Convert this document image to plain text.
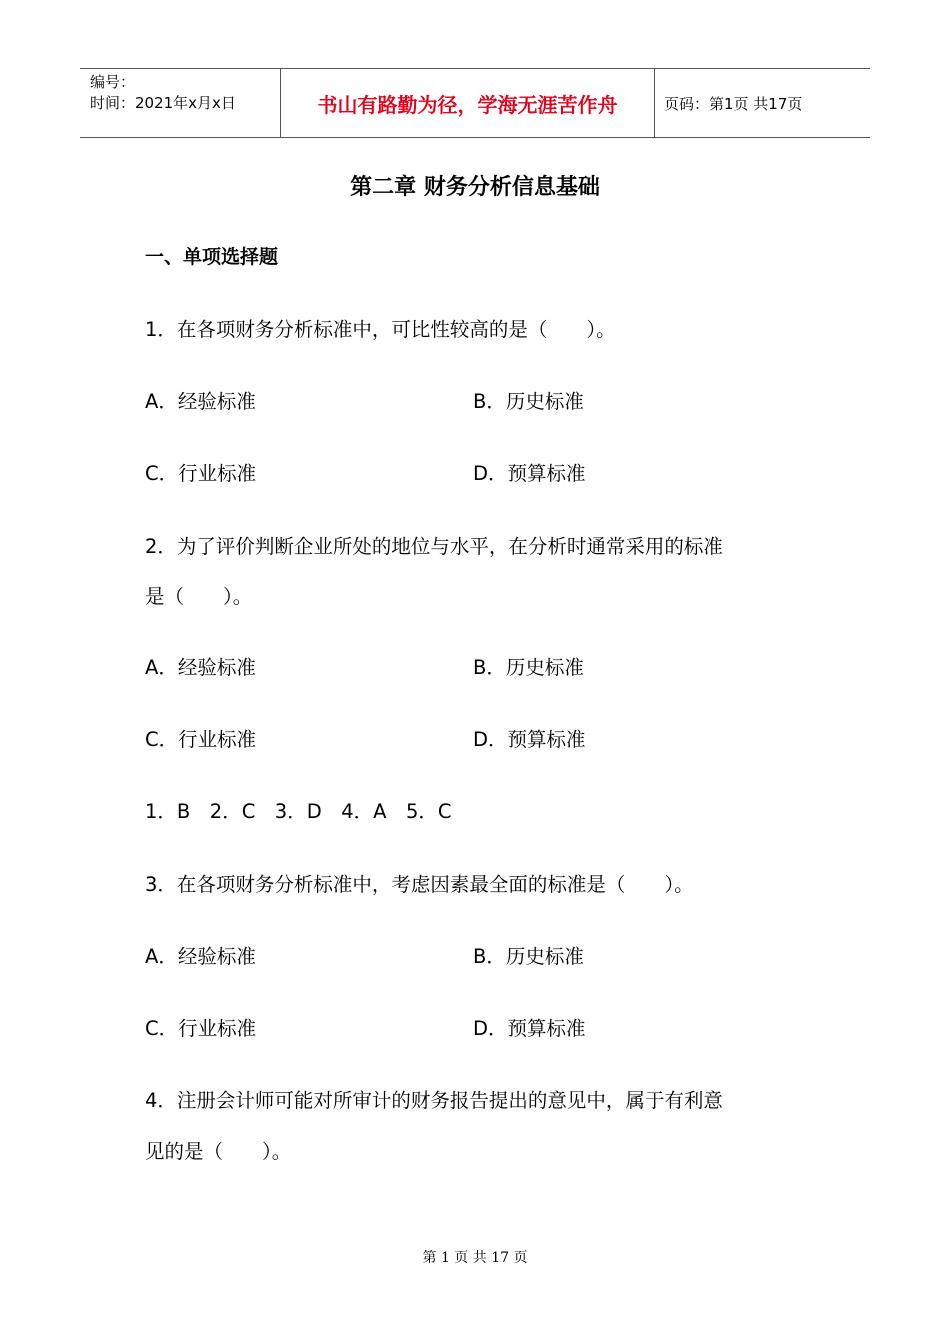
编号：
时间：2021年x月x日	书山有路勤为径，学海无涯苦作舟	页码：第1页 共17页
第二章 财务分析信息基础
一、单项选择题
1．在各项财务分析标准中，可比性较高的是（　　）。
A．经验标准	B．历史标准
C．行业标准	D．预算标准
2．为了评价判断企业所处的地位与水平，在分析时通常采用的标准
是（　　）。
A．经验标准	B．历史标准
C．行业标准	D．预算标准
1．B　2．C　3．D　4．A　5．C
3．在各项财务分析标准中，考虑因素最全面的标准是（　　）。
A．经验标准	B．历史标准
C．行业标准	D．预算标准
4．注册会计师可能对所审计的财务报告提出的意见中，属于有利意
见的是（　　）。
第 1 页 共 17 页
